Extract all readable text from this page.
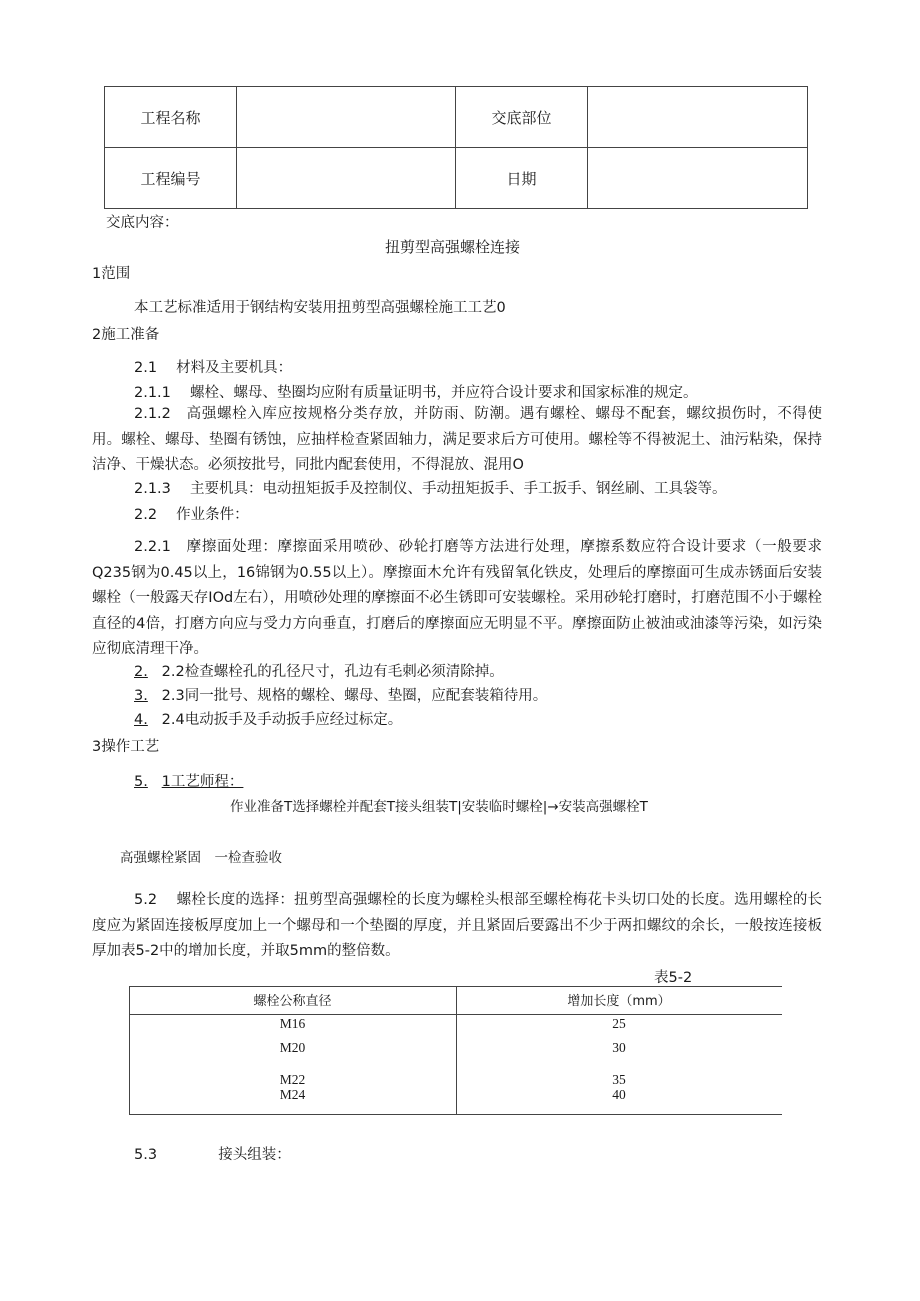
工程名称		交底部位	
工程编号		日期	
交底内容：
扭剪型高强螺栓连接
1范围
本工艺标准适用于钢结构安装用扭剪型高强螺栓施工工艺0
2施工准备
2.1　 材料及主要机具：
2.1.1　 螺栓、螺母、垫圈均应附有质量证明书，并应符合设计要求和国家标准的规定。
2.1.2　高强螺栓入库应按规格分类存放，并防雨、防潮。遇有螺栓、螺母不配套，螺纹损伤时，不得使用。螺栓、螺母、垫圈有锈蚀，应抽样检查紧固轴力，满足要求后方可使用。螺栓等不得被泥土、油污粘染，保持洁净、干燥状态。必须按批号，同批内配套使用，不得混放、混用O
2.1.3　 主要机具：电动扭矩扳手及控制仪、手动扭矩扳手、手工扳手、钢丝刷、工具袋等。
2.2　 作业条件：
2.2.1　摩擦面处理：摩擦面采用喷砂、砂轮打磨等方法进行处理，摩擦系数应符合设计要求（一般要求Q235钢为0.45以上，16锦钢为0.55以上）。摩擦面木允许有残留氧化铁皮，处理后的摩擦面可生成赤锈面后安装螺栓（一般露天存IOd左右），用喷砂处理的摩擦面不必生锈即可安装螺栓。采用砂轮打磨时，打磨范围不小于螺栓直径的4倍，打磨方向应与受力方向垂直，打磨后的摩擦面应无明显不平。摩擦面防止被油或油漆等污染，如污染应彻底清理干净。
2. 2.2检查螺栓孔的孔径尺寸，孔边有毛刺必须清除掉。
3. 2.3同一批号、规格的螺栓、螺母、垫圈，应配套装箱待用。
4. 2.4电动扳手及手动扳手应经过标定。
3操作工艺
5. 1工艺师程：
作业准备T选择螺栓并配套T接头组装T|安装临时螺栓|→安装高强螺栓T
高强螺栓紧固　一检查验收
5.2　 螺栓长度的选择：扭剪型高强螺栓的长度为螺栓头根部至螺栓梅花卡头切口处的长度。选用螺栓的长度应为紧固连接板厚度加上一个螺母和一个垫圈的厚度，并且紧固后要露出不少于两扣螺纹的余长，一般按连接板厚加表5-2中的增加长度，并取5mm的整倍数。
表5-2
螺栓公称直径	增加长度（mm）
M16	25
M20	30
M22	35
M24	40
5.3	接头组装：
